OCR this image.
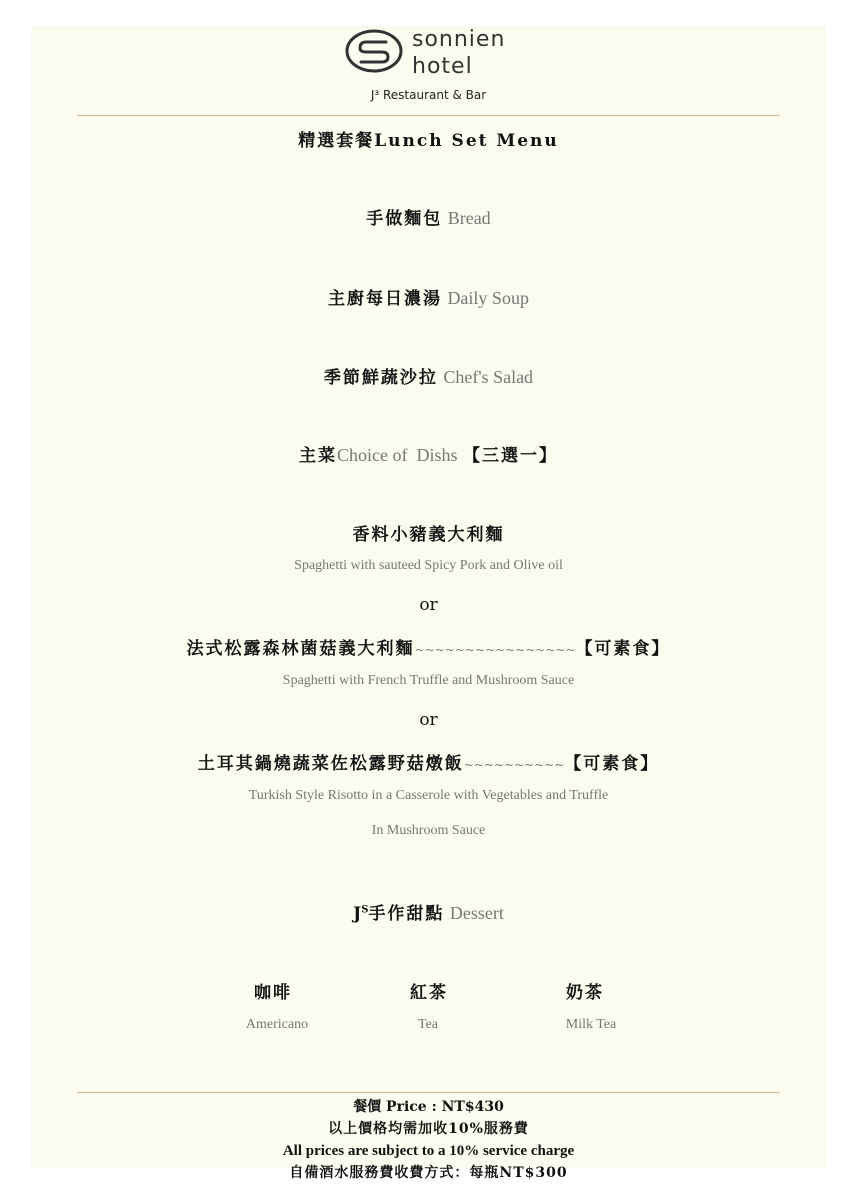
sonnien
hotel
J³ Restaurant & Bar
精選套餐Lunch Set Menu
手做麵包 Bread
主廚每日濃湯 Daily Soup
季節鮮蔬沙拉 Chef's Salad
主菜Choice of  Dishs 【三選一】
香料小豬義大利麵
Spaghetti with sauteed Spicy Pork and Olive oil
or
法式松露森林菌菇義大利麵~~~~~~~~~~~~~~~~【可素食】
Spaghetti with French Truffle and Mushroom Sauce
or
土耳其鍋燒蔬菜佐松露野菇燉飯~~~~~~~~~~【可素食】
Turkish Style Risotto in a Casserole with Vegetables and Truffle
In Mushroom Sauce
$J^S$手作甜點 Dessert
咖啡
Americano
紅茶
Tea
奶茶
Milk Tea
餐價 Price : NT$430
以上價格均需加收10%服務費
All prices are subject to a 10% service charge
自備酒水服務費收費方式：每瓶NT$300
